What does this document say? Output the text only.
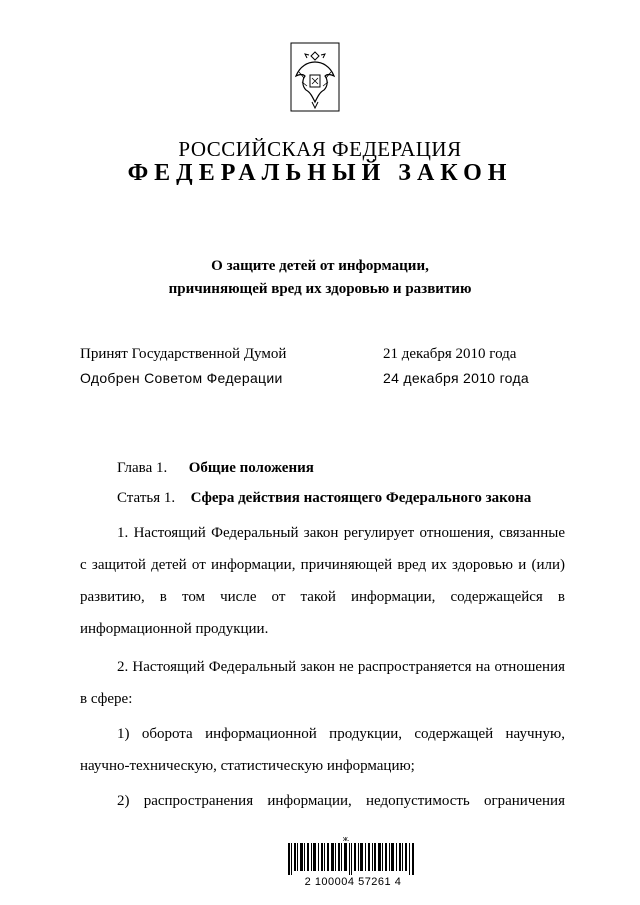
РОССИЙСКАЯ ФЕДЕРАЦИЯ
ФЕДЕРАЛЬНЫЙ ЗАКОН
О защите детей от информации,
причиняющей вред их здоровью и развитию
Принят Государственной Думой	21 декабря 2010 года
Одобрен Советом Федерации	24 декабря 2010 года
Глава 1. Общие положения
Статья 1. Сфера действия настоящего Федерального закона
1. Настоящий Федеральный закон регулирует отношения, связанные с защитой детей от информации, причиняющей вред их здоровью и (или) развитию, в том числе от такой информации, содержащейся в информационной продукции.
2. Настоящий Федеральный закон не распространяется на отношения в сфере:
1) оборота информационной продукции, содержащей научную, научно-техническую, статистическую информацию;
2) распространения информации, недопустимость ограничения
ж.
2 100004 57261 4
